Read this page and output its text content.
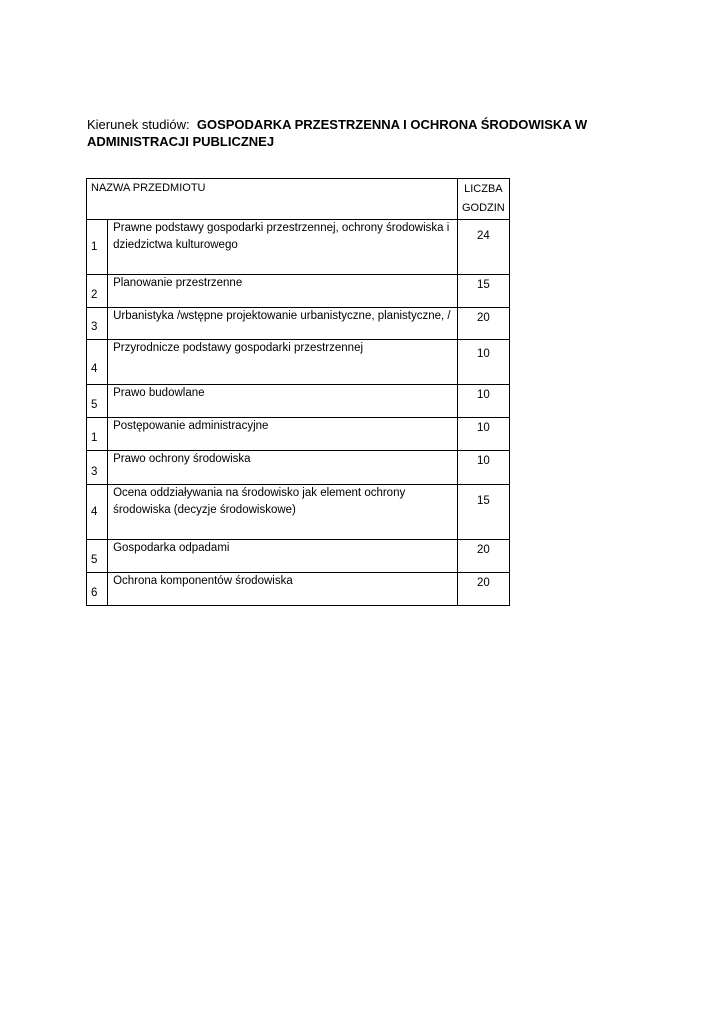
Kierunek studiów: GOSPODARKA PRZESTRZENNA I OCHRONA ŚRODOWISKA W
ADMINISTRACJI PUBLICZNEJ
NAZWA PRZEDMIOTU		LICZBA
GODZIN
1	Prawne podstawy gospodarki przestrzennej, ochrony środowiska i dziedzictwa kulturowego	24
2	Planowanie przestrzenne	15
3	Urbanistyka /wstępne projektowanie urbanistyczne, planistyczne, /	20
4	Przyrodnicze podstawy gospodarki przestrzennej	10
5	Prawo budowlane	10
1	Postępowanie administracyjne	10
3	Prawo ochrony środowiska	10
4	Ocena oddziaływania na środowisko jak element ochrony środowiska (decyzje środowiskowe)	15
5	Gospodarka odpadami	20
6	Ochrona komponentów środowiska	20
